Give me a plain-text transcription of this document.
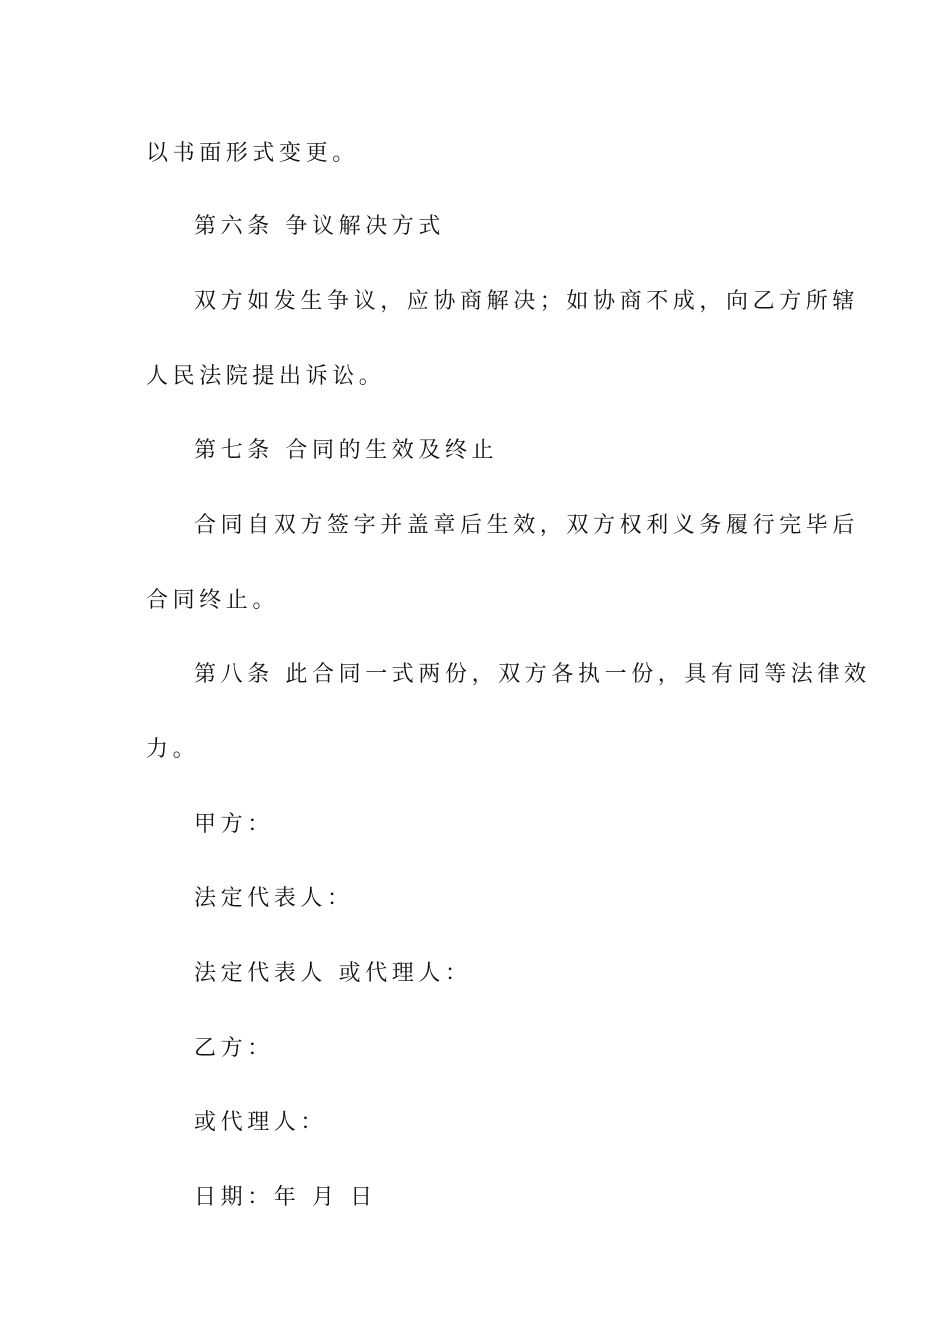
以书面形式变更。
第六条 争议解决方式
双方如发生争议，应协商解决；如协商不成，向乙方所辖
人民法院提出诉讼。
第七条 合同的生效及终止
合同自双方签字并盖章后生效，双方权利义务履行完毕后
合同终止。
第八条 此合同一式两份，双方各执一份，具有同等法律效
力。
甲方：
法定代表人：
法定代表人 或代理人：
乙方：
或代理人：
日期：年 月 日
